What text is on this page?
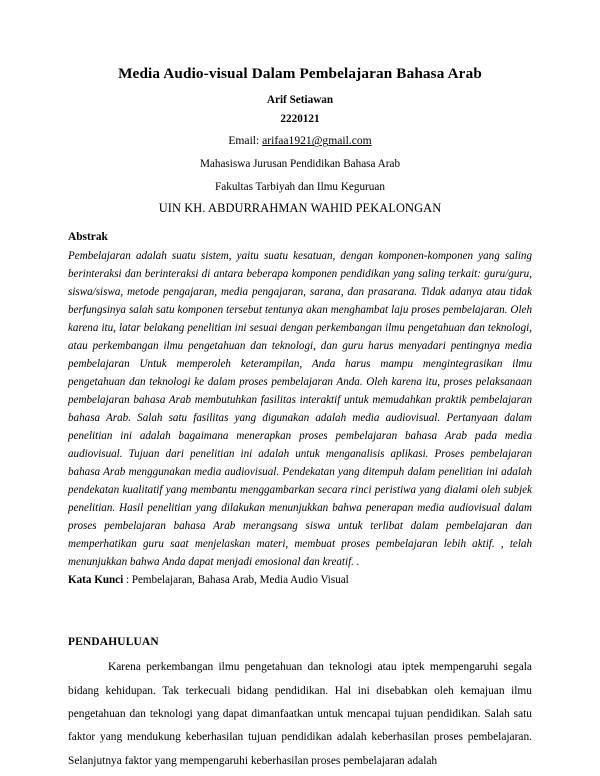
Media Audio-visual Dalam Pembelajaran Bahasa Arab
Arif Setiawan
2220121
Email: arifaa1921@gmail.com
Mahasiswa Jurusan Pendidikan Bahasa Arab
Fakultas Tarbiyah dan Ilmu Keguruan
UIN KH. ABDURRAHMAN WAHID PEKALONGAN
Abstrak

Pembelajaran adalah suatu sistem, yaitu suatu kesatuan, dengan komponen-komponen yang saling berinteraksi dan berinteraksi di antara beberapa komponen pendidikan yang saling terkait: guru/guru, siswa/siswa, metode pengajaran, media pengajaran, sarana, dan prasarana. Tidak adanya atau tidak berfungsinya salah satu komponen tersebut tentunya akan menghambat laju proses pembelajaran. Oleh karena itu, latar belakang penelitian ini sesuai dengan perkembangan ilmu pengetahuan dan teknologi, atau perkembangan ilmu pengetahuan dan teknologi, dan guru harus menyadari pentingnya media pembelajaran Untuk memperoleh keterampilan, Anda harus mampu mengintegrasikan ilmu pengetahuan dan teknologi ke dalam proses pembelajaran Anda. Oleh karena itu, proses pelaksanaan pembelajaran bahasa Arab membutuhkan fasilitas interaktif untuk memudahkan praktik pembelajaran bahasa Arab. Salah satu fasilitas yang digunakan adalah media audiovisual. Pertanyaan dalam penelitian ini adalah bagaimana menerapkan proses pembelajaran bahasa Arab pada media audiovisual. Tujuan dari penelitian ini adalah untuk menganalisis aplikasi. Proses pembelajaran bahasa Arab menggunakan media audiovisual. Pendekatan yang ditempuh dalam penelitian ini adalah pendekatan kualitatif yang membantu menggambarkan secara rinci peristiwa yang dialami oleh subjek penelitian. Hasil penelitian yang dilakukan menunjukkan bahwa penerapan media audiovisual dalam proses pembelajaran bahasa Arab merangsang siswa untuk terlibat dalam pembelajaran dan memperhatikan guru saat menjelaskan materi, membuat proses pembelajaran lebih aktif. , telah menunjukkan bahwa Anda dapat menjadi emosional dan kreatif. .

Kata Kunci : Pembelajaran, Bahasa Arab, Media Audio Visual

PENDAHULUAN

Karena perkembangan ilmu pengetahuan dan teknologi atau iptek mempengaruhi segala bidang kehidupan. Tak terkecuali bidang pendidikan. Hal ini disebabkan oleh kemajuan ilmu pengetahuan dan teknologi yang dapat dimanfaatkan untuk mencapai tujuan pendidikan. Salah satu faktor yang mendukung keberhasilan tujuan pendidikan adalah keberhasilan proses pembelajaran. Selanjutnya faktor yang mempengaruhi keberhasilan proses pembelajaran adalah
